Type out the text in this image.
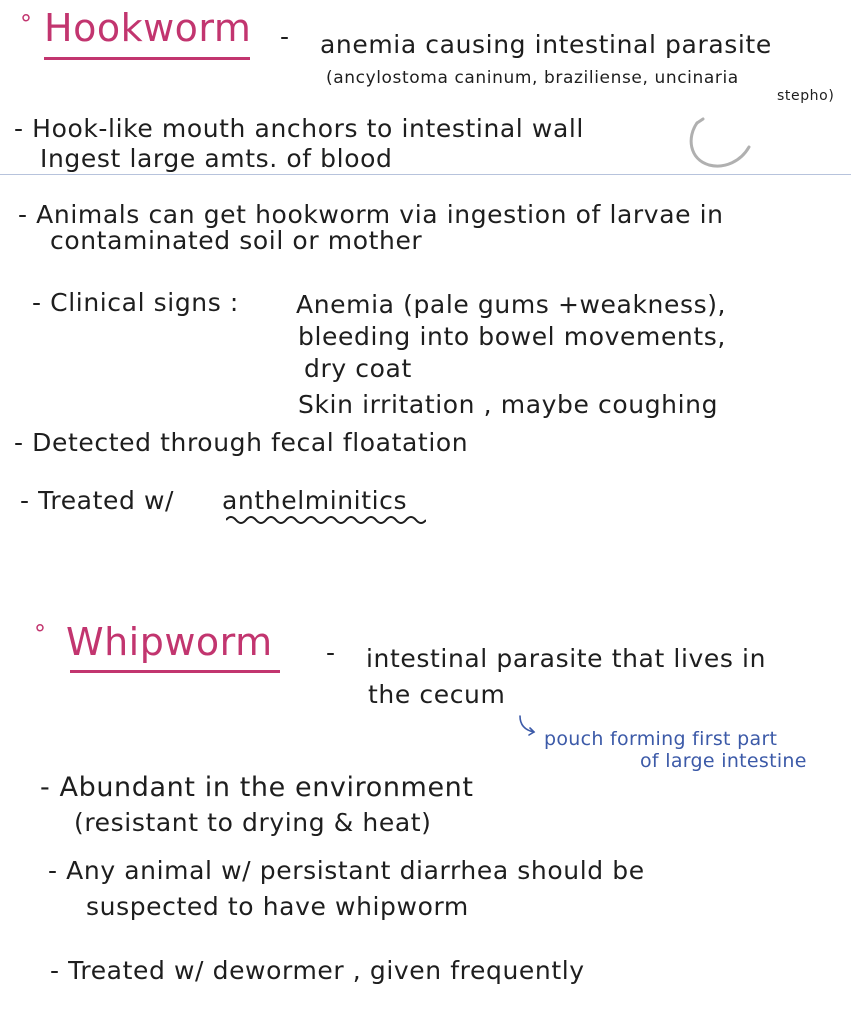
° Hookworm - anemia causing intestinal parasite
(ancylostoma caninum, braziliense, uncinaria
stepho)
- Hook-like mouth anchors to intestinal wall
Ingest large amts. of blood
- Animals can get hookworm via ingestion of larvae in
contaminated soil or mother
- Clinical signs : Anemia (pale gums +weakness),
bleeding into bowel movements,
dry coat
Skin irritation , maybe coughing
- Detected through fecal floatation
- Treated w/ anthelminitics
° Whipworm - intestinal parasite that lives in
the cecum
pouch forming first part
of large intestine
- Abundant in the environment
(resistant to drying & heat)
- Any animal w/ persistant diarrhea should be
suspected to have whipworm
- Treated w/ dewormer , given frequently
